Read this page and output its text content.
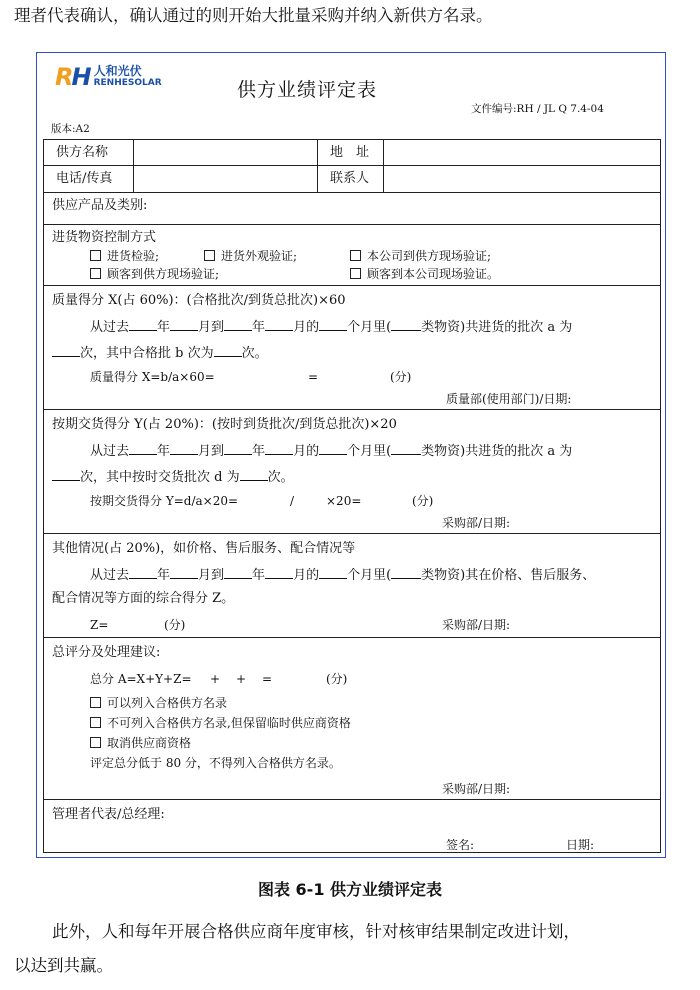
理者代表确认，确认通过的则开始大批量采购并纳入新供方名录。
RH 人和光伏
RENHESOLAR	供方业绩评定表
文件编号:RH / JL Q 7.4-04
版本:A2
供方名称	地　址
电话/传真	联系人
供应产品及类别:
进货物资控制方式
进货检验;	进货外观验证;	本公司到供方现场验证;
顾客到供方现场验证;	顾客到本公司现场验证。
质量得分 X(占 60%)：(合格批次/到货总批次)×60
从过去 年 月到 年 月的 个月里( 类物资)共进货的批次 a 为
次，其中合格批 b 次为 次。
质量得分 X=b/a×60=	=	(分)
质量部(使用部门)/日期:
按期交货得分 Y(占 20%)：(按时到货批次/到货总批次)×20
从过去 年 月到 年 月的 个月里( 类物资)共进货的批次 a 为
次，其中按时交货批次 d 为 次。
按期交货得分 Y=d/a×20=	/	×20=	(分)
采购部/日期:
其他情况(占 20%)，如价格、售后服务、配合情况等
从过去 年 月到 年 月的 个月里( 类物资)其在价格、售后服务、
配合情况等方面的综合得分 Z。
Z=	(分)	采购部/日期:
总评分及处理建议:
总分 A=X+Y+Z= + + =	(分)
可以列入合格供方名录
不可列入合格供方名录,但保留临时供应商资格
取消供应商资格
评定总分低于 80 分，不得列入合格供方名录。
采购部/日期:
管理者代表/总经理:
签名:	日期:
图表 6-1 供方业绩评定表
此外，人和每年开展合格供应商年度审核，针对核审结果制定改进计划，
以达到共赢。
